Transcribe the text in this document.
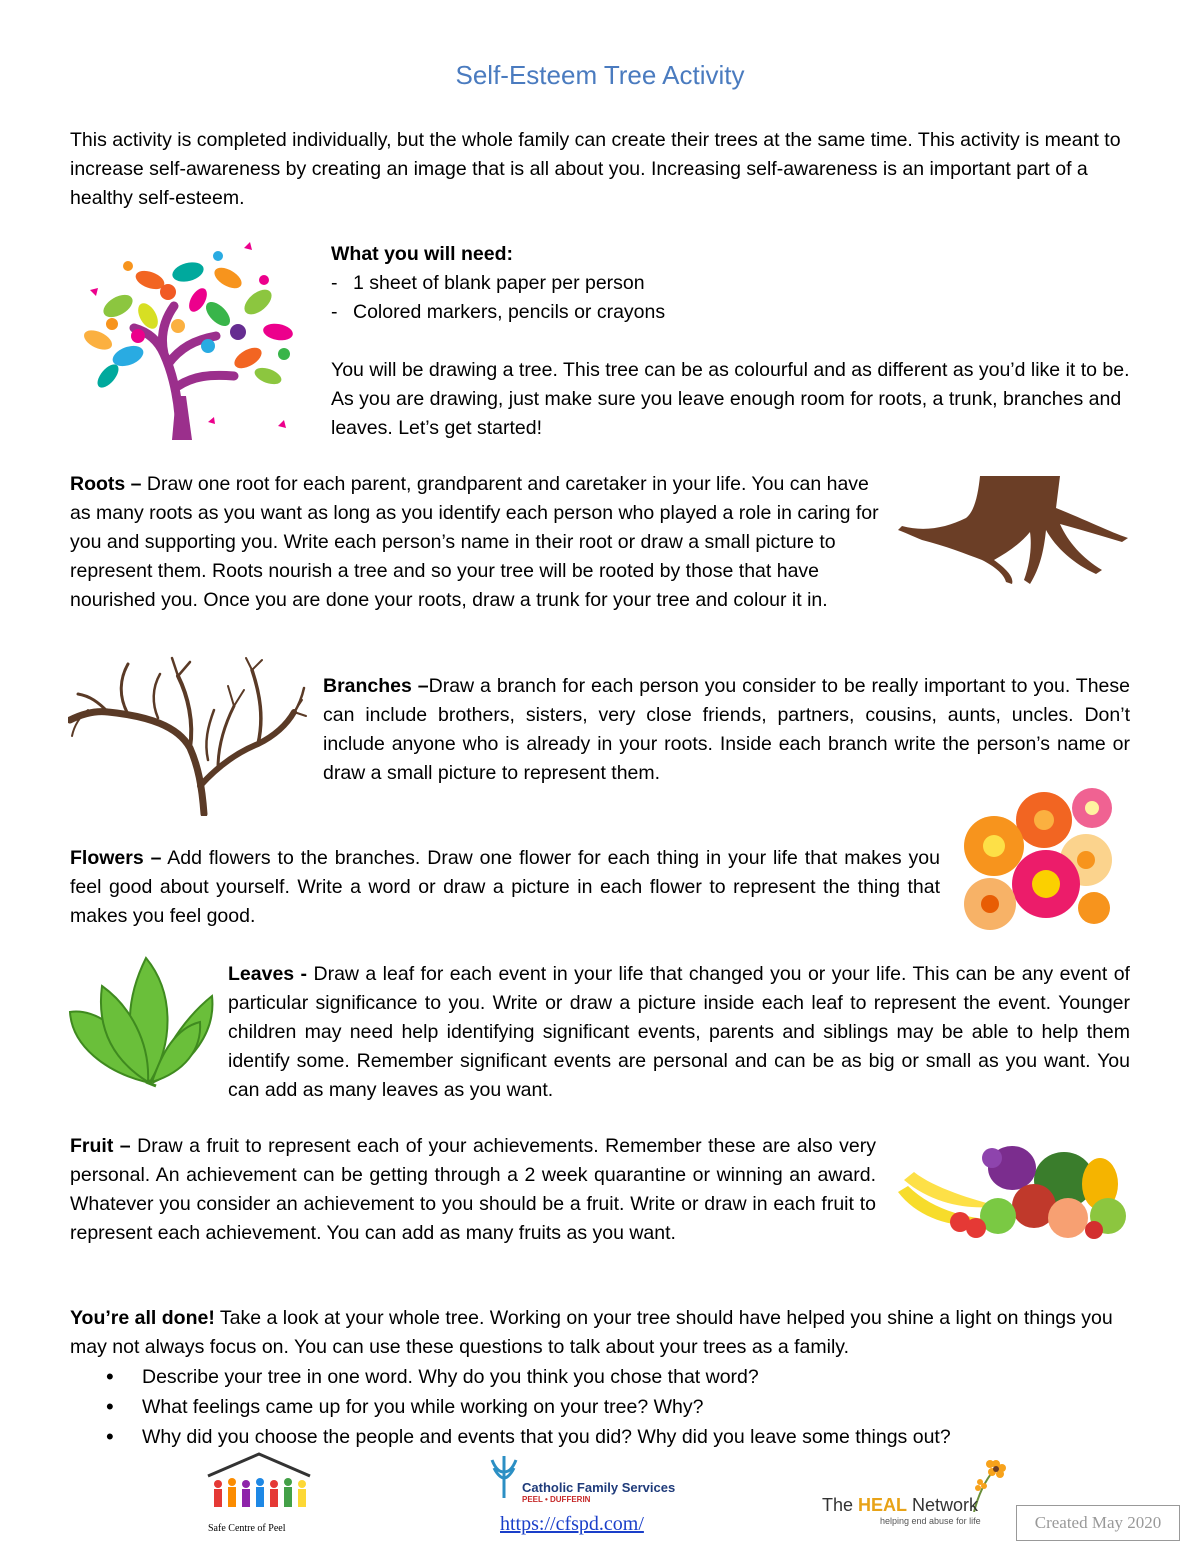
Self-Esteem Tree Activity

This activity is completed individually, but the whole family can create their trees at the same time. This activity is meant to increase self-awareness by creating an image that is all about you. Increasing self-awareness is an important part of a healthy self-esteem.

What you will need:
- 1 sheet of blank paper per person
- Colored markers, pencils or crayons

You will be drawing a tree. This tree can be as colourful and as different as you’d like it to be. As you are drawing, just make sure you leave enough room for roots, a trunk, branches and leaves. Let’s get started!

Roots – Draw one root for each parent, grandparent and caretaker in your life. You can have as many roots as you want as long as you identify each person who played a role in caring for you and supporting you. Write each person’s name in their root or draw a small picture to represent them. Roots nourish a tree and so your tree will be rooted by those that have nourished you. Once you are done your roots, draw a trunk for your tree and colour it in.

Branches –Draw a branch for each person you consider to be really important to you. These can include brothers, sisters, very close friends, partners, cousins, aunts, uncles. Don’t include anyone who is already in your roots. Inside each branch write the person’s name or draw a small picture to represent them.

Flowers – Add flowers to the branches. Draw one flower for each thing in your life that makes you feel good about yourself. Write a word or draw a picture in each flower to represent the thing that makes you feel good.

Leaves - Draw a leaf for each event in your life that changed you or your life. This can be any event of particular significance to you. Write or draw a picture inside each leaf to represent the event. Younger children may need help identifying significant events, parents and siblings may be able to help them identify some. Remember significant events are personal and can be as big or small as you want. You can add as many leaves as you want.

Fruit – Draw a fruit to represent each of your achievements. Remember these are also very personal. An achievement can be getting through a 2 week quarantine or winning an award. Whatever you consider an achievement to you should be a fruit. Write or draw in each fruit to represent each achievement. You can add as many fruits as you want.

You’re all done! Take a look at your whole tree. Working on your tree should have helped you shine a light on things you may not always focus on. You can use these questions to talk about your trees as a family.

• Describe your tree in one word. Why do you think you chose that word?
• What feelings came up for you while working on your tree? Why?
• Why did you choose the people and events that you did? Why did you leave some things out?
Safe Centre of Peel
Catholic Family Services
PEEL • DUFFERIN
https://cfspd.com/
The HEAL Network
helping end abuse for life	Created May 2020
